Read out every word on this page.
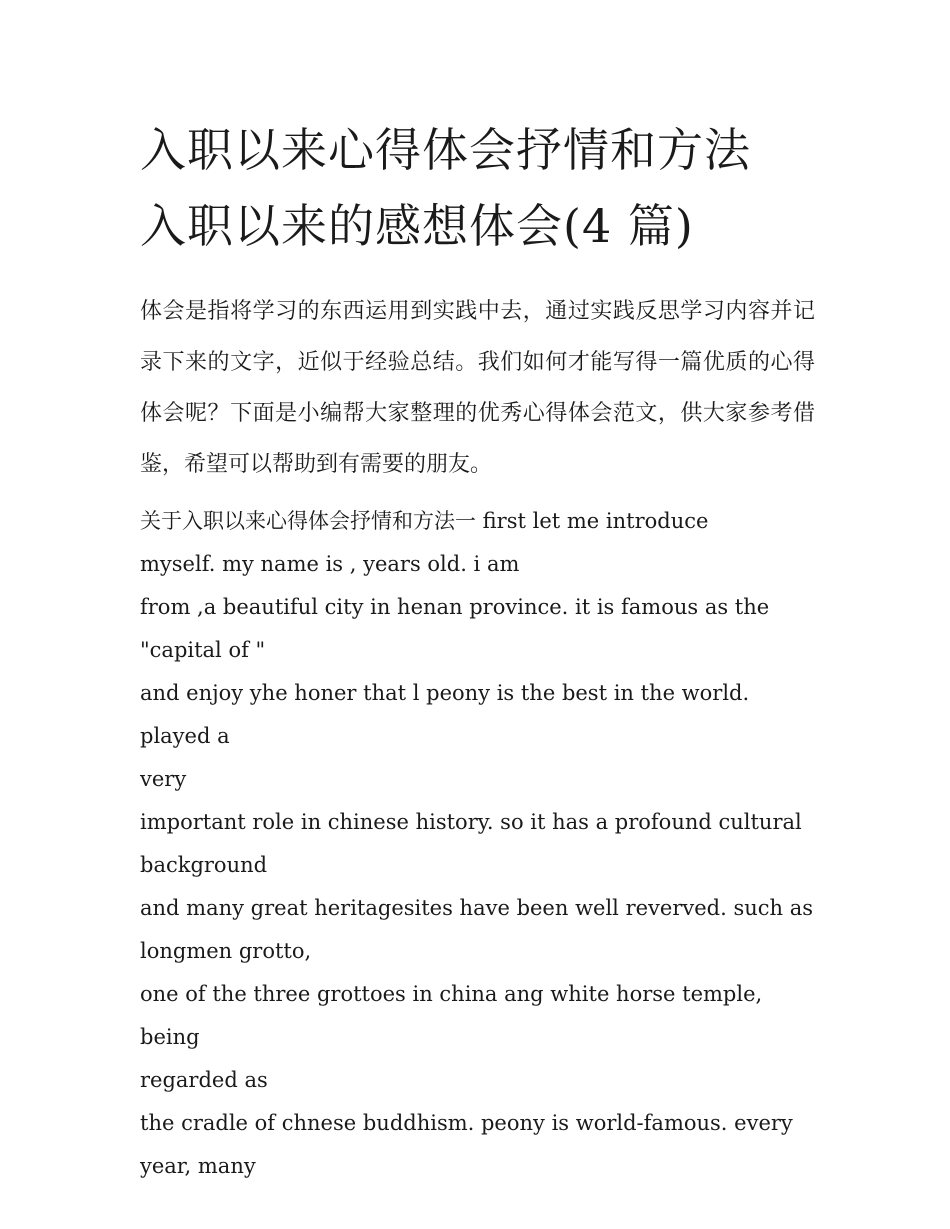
入职以来心得体会抒情和方法
入职以来的感想体会(4 篇)

体会是指将学习的东西运用到实践中去，通过实践反思学习内容并记录下来的文字，近似于经验总结。我们如何才能写得一篇优质的心得体会呢？下面是小编帮大家整理的优秀心得体会范文，供大家参考借鉴，希望可以帮助到有需要的朋友。

关于入职以来心得体会抒情和方法一 first let me introduce
myself. my name is , years old. i am
from ,a beautiful city in henan province. it is famous as the
"capital of "
and enjoy yhe honer that l peony is the best in the world. played a
very
important role in chinese history. so it has a profound cultural
background
and many great heritagesites have been well reverved. such as
longmen grotto,
one of the three grottoes in china ang white horse temple, being
regarded as
the cradle of chnese buddhism. peony is world-famous. every
year, many
